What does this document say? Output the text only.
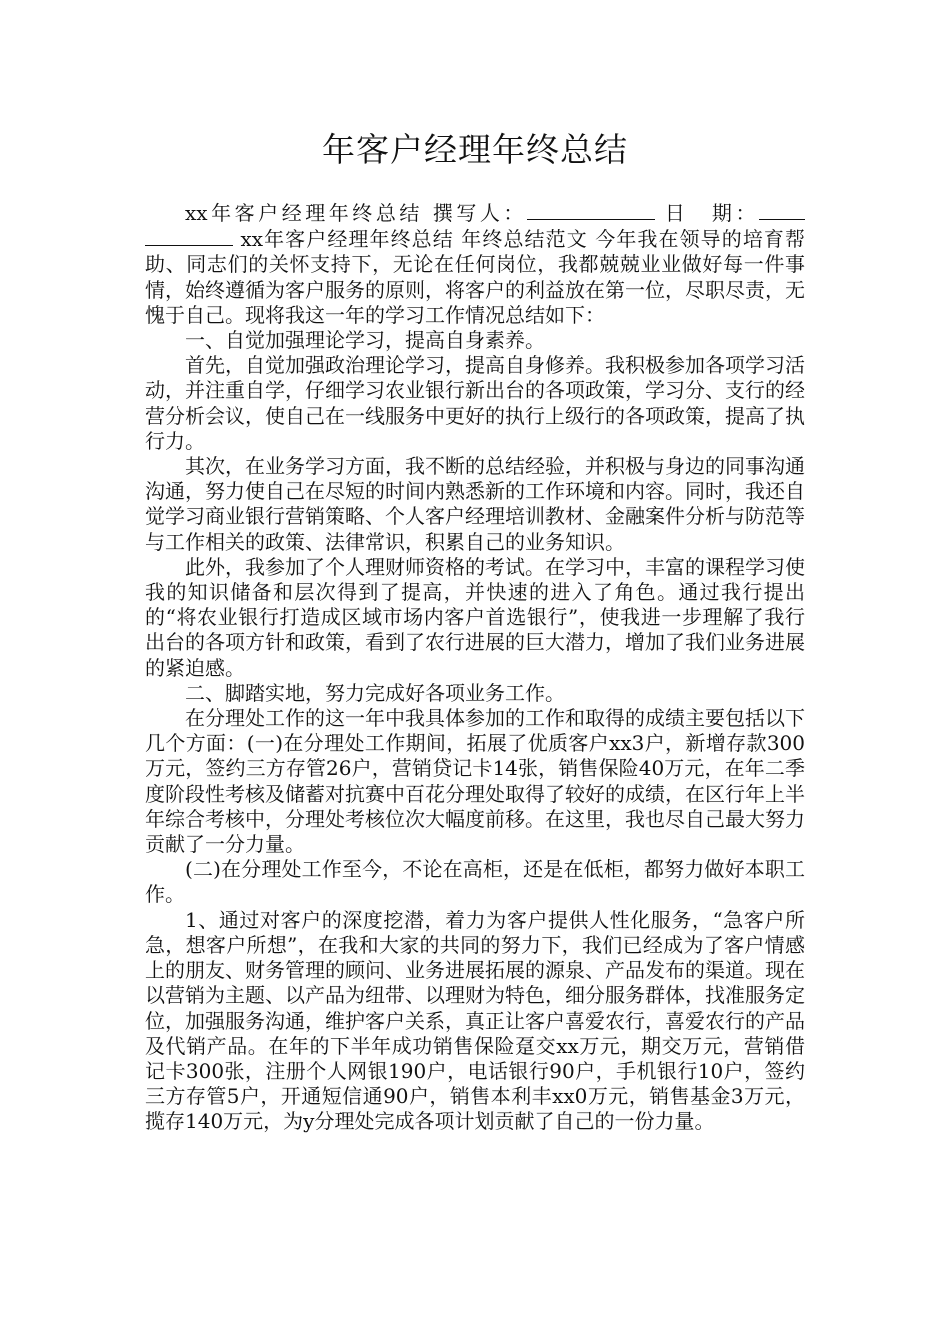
年客户经理年终总结

xx年客户经理年终总结 撰写人：	日　期： xx年客户经理年终总结 年终总结范文 今年我在领导的培育帮助、同志们的关怀支持下，无论在任何岗位，我都兢兢业业做好每一件事情，始终遵循为客户服务的原则，将客户的利益放在第一位，尽职尽责，无愧于自己。现将我这一年的学习工作情况总结如下：

一、自觉加强理论学习，提高自身素养。

首先，自觉加强政治理论学习，提高自身修养。我积极参加各项学习活动，并注重自学，仔细学习农业银行新出台的各项政策，学习分、支行的经营分析会议，使自己在一线服务中更好的执行上级行的各项政策，提高了执行力。

其次，在业务学习方面，我不断的总结经验，并积极与身边的同事沟通沟通，努力使自己在尽短的时间内熟悉新的工作环境和内容。同时，我还自觉学习商业银行营销策略、个人客户经理培训教材、金融案件分析与防范等与工作相关的政策、法律常识，积累自己的业务知识。

此外，我参加了个人理财师资格的考试。在学习中，丰富的课程学习使我的知识储备和层次得到了提高，并快速的进入了角色。通过我行提出的“将农业银行打造成区域市场内客户首选银行”，使我进一步理解了我行出台的各项方针和政策，看到了农行进展的巨大潜力，增加了我们业务进展的紧迫感。

二、脚踏实地，努力完成好各项业务工作。

在分理处工作的这一年中我具体参加的工作和取得的成绩主要包括以下几个方面：(一)在分理处工作期间，拓展了优质客户xx3户，新增存款300万元，签约三方存管26户，营销贷记卡14张，销售保险40万元，在年二季度阶段性考核及储蓄对抗赛中百花分理处取得了较好的成绩，在区行年上半年综合考核中，分理处考核位次大幅度前移。在这里，我也尽自己最大努力贡献了一分力量。

(二)在分理处工作至今，不论在高柜，还是在低柜，都努力做好本职工作。

1、通过对客户的深度挖潜，着力为客户提供人性化服务，“急客户所急，想客户所想”，在我和大家的共同的努力下，我们已经成为了客户情感上的朋友、财务管理的顾问、业务进展拓展的源泉、产品发布的渠道。现在以营销为主题、以产品为纽带、以理财为特色，细分服务群体，找准服务定位，加强服务沟通，维护客户关系，真正让客户喜爱农行，喜爱农行的产品及代销产品。在年的下半年成功销售保险趸交xx万元，期交万元，营销借记卡300张，注册个人网银190户，电话银行90户，手机银行10户，签约三方存管5户，开通短信通90户，销售本利丰xx0万元，销售基金3万元，揽存140万元，为y分理处完成各项计划贡献了自己的一份力量。
